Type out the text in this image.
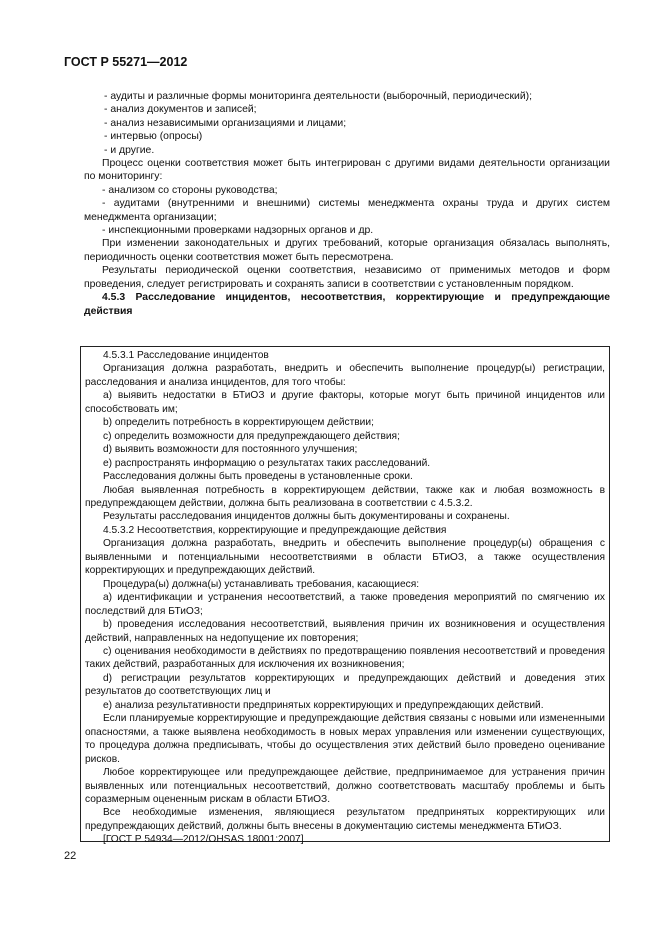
ГОСТ Р 55271—2012

- аудиты и различные формы мониторинга деятельности (выборочный, периодический);

- анализ документов и записей;

- анализ независимыми организациями и лицами;

- интервью (опросы)

- и другие.

Процесс оценки соответствия может быть интегрирован с другими видами деятельности организации по мониторингу:

- анализом со стороны руководства;

- аудитами (внутренними и внешними) системы менеджмента охраны труда и других систем менеджмента организации;

- инспекционными проверками надзорных органов и др.

При изменении законодательных и других требований, которые организация обязалась выполнять, периодичность оценки соответствия может быть пересмотрена.

Результаты периодической оценки соответствия, независимо от применимых методов и форм проведения, следует регистрировать и сохранять записи в соответствии с установленным порядком.

4.5.3 Расследование инцидентов, несоответствия, корректирующие и предупреждающие действия

4.5.3.1 Расследование инцидентов

Организация должна разработать, внедрить и обеспечить выполнение процедур(ы) регистрации, расследования и анализа инцидентов, для того чтобы:

а) выявить недостатки в БТиОЗ и другие факторы, которые могут быть причиной инцидентов или способствовать им;

b) определить потребность в корректирующем действии;

c) определить возможности для предупреждающего действия;

d) выявить возможности для постоянного улучшения;

e) распространять информацию о результатах таких расследований.

Расследования должны быть проведены в установленные сроки.

Любая выявленная потребность в корректирующем действии, также как и любая возможность в предупреждающем действии, должна быть реализована в соответствии с 4.5.3.2.

Результаты расследования инцидентов должны быть документированы и сохранены.

4.5.3.2 Несоответствия, корректирующие и предупреждающие действия

Организация должна разработать, внедрить и обеспечить выполнение процедур(ы) обращения с выявленными и потенциальными несоответствиями в области БТиОЗ, а также осуществления корректирующих и предупреждающих действий.

Процедура(ы) должна(ы) устанавливать требования, касающиеся:

а) идентификации и устранения несоответствий, а также проведения мероприятий по смягчению их последствий для БТиОЗ;

b) проведения исследования несоответствий, выявления причин их возникновения и осуществления действий, направленных на недопущение их повторения;

c) оценивания необходимости в действиях по предотвращению появления несоответствий и проведения таких действий, разработанных для исключения их возникновения;

d) регистрации результатов корректирующих и предупреждающих действий и доведения этих результатов до соответствующих лиц и

e) анализа результативности предпринятых корректирующих и предупреждающих действий.

Если планируемые корректирующие и предупреждающие действия связаны с новыми или измененными опасностями, а также выявлена необходимость в новых мерах управления или изменении существующих, то процедура должна предписывать, чтобы до осуществления этих действий было проведено оценивание рисков.

Любое корректирующее или предупреждающее действие, предпринимаемое для устранения причин выявленных или потенциальных несоответствий, должно соответствовать масштабу проблемы и быть соразмерным оцененным рискам в области БТиОЗ.

Все необходимые изменения, являющиеся результатом предпринятых корректирующих или предупреждающих действий, должны быть внесены в документацию системы менеджмента БТиОЗ.

[ГОСТ Р 54934—2012/OHSAS 18001:2007]

22
